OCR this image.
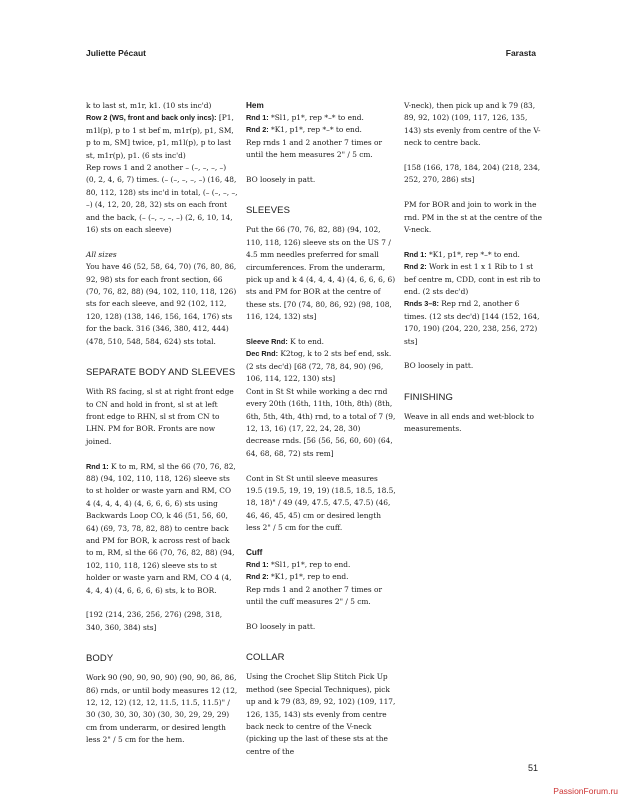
Juliette Pécaut	Farasta

k to last st, m1r, k1. (10 sts inc'd)

Row 2 (WS, front and back only incs): [P1, m1l(p), p to 1 st bef m, m1r(p), p1, SM, p to m, SM] twice, p1, m1l(p), p to last st, m1r(p), p1. (6 sts inc'd)

Rep rows 1 and 2 another – (–, –, –, –) (0, 2, 4, 6, 7) times. (– (–, –, –, –) (16, 48, 80, 112, 128) sts inc'd in total, (– (–, –, –, –) (4, 12, 20, 28, 32) sts on each front and the back, (– (–, –, –, –) (2, 6, 10, 14, 16) sts on each sleeve)

All sizes

You have 46 (52, 58, 64, 70) (76, 80, 86, 92, 98) sts for each front section, 66 (70, 76, 82, 88) (94, 102, 110, 118, 126) sts for each sleeve, and 92 (102, 112, 120, 128) (138, 146, 156, 164, 176) sts for the back. 316 (346, 380, 412, 444) (478, 510, 548, 584, 624) sts total.

SEPARATE BODY AND SLEEVES

With RS facing, sl st at right front edge to CN and hold in front, sl st at left front edge to RHN, sl st from CN to LHN. PM for BOR. Fronts are now joined.

Rnd 1: K to m, RM, sl the 66 (70, 76, 82, 88) (94, 102, 110, 118, 126) sleeve sts to st holder or waste yarn and RM, CO 4 (4, 4, 4, 4) (4, 6, 6, 6, 6) sts using Backwards Loop CO, k 46 (51, 56, 60, 64) (69, 73, 78, 82, 88) to centre back and PM for BOR, k across rest of back to m, RM, sl the 66 (70, 76, 82, 88) (94, 102, 110, 118, 126) sleeve sts to st holder or waste yarn and RM, CO 4 (4, 4, 4, 4) (4, 6, 6, 6, 6) sts, k to BOR.

[192 (214, 236, 256, 276) (298, 318, 340, 360, 384) sts]

BODY

Work 90 (90, 90, 90, 90) (90, 90, 86, 86, 86) rnds, or until body measures 12 (12, 12, 12, 12) (12, 12, 11.5, 11.5, 11.5)" / 30 (30, 30, 30, 30) (30, 30, 29, 29, 29) cm from underarm, or desired length less 2" / 5 cm for the hem.

Hem

Rnd 1: *Sl1, p1*, rep *–* to end.

Rnd 2: *K1, p1*, rep *–* to end.

Rep rnds 1 and 2 another 7 times or until the hem measures 2" / 5 cm.

BO loosely in patt.

SLEEVES

Put the 66 (70, 76, 82, 88) (94, 102, 110, 118, 126) sleeve sts on the US 7 / 4.5 mm needles preferred for small circumferences. From the underarm, pick up and k 4 (4, 4, 4, 4) (4, 6, 6, 6, 6) sts and PM for BOR at the centre of these sts. [70 (74, 80, 86, 92) (98, 108, 116, 124, 132) sts]

Sleeve Rnd: K to end.

Dec Rnd: K2tog, k to 2 sts bef end, ssk. (2 sts dec'd) [68 (72, 78, 84, 90) (96, 106, 114, 122, 130) sts]

Cont in St St while working a dec rnd every 20th (16th, 11th, 10th, 8th) (8th, 6th, 5th, 4th, 4th) rnd, to a total of 7 (9, 12, 13, 16) (17, 22, 24, 28, 30) decrease rnds. [56 (56, 56, 60, 60) (64, 64, 68, 68, 72) sts rem]

Cont in St St until sleeve measures 19.5 (19.5, 19, 19, 19) (18.5, 18.5, 18.5, 18, 18)" / 49 (49, 47.5, 47.5, 47.5) (46, 46, 46, 45, 45) cm or desired length less 2" / 5 cm for the cuff.

Cuff

Rnd 1: *Sl1, p1*, rep to end.

Rnd 2: *K1, p1*, rep to end.

Rep rnds 1 and 2 another 7 times or until the cuff measures 2" / 5 cm.

BO loosely in patt.

COLLAR

Using the Crochet Slip Stitch Pick Up method (see Special Techniques), pick up and k 79 (83, 89, 92, 102) (109, 117, 126, 135, 143) sts evenly from centre back neck to centre of the V-neck (picking up the last of these sts at the centre of the

V-neck), then pick up and k 79 (83, 89, 92, 102) (109, 117, 126, 135, 143) sts evenly from centre of the V-neck to centre back.

[158 (166, 178, 184, 204) (218, 234, 252, 270, 286) sts]

PM for BOR and join to work in the rnd. PM in the st at the centre of the V-neck.

Rnd 1: *K1, p1*, rep *–* to end.

Rnd 2: Work in est 1 x 1 Rib to 1 st bef centre m, CDD, cont in est rib to end. (2 sts dec'd)

Rnds 3–8: Rep rnd 2, another 6 times. (12 sts dec'd) [144 (152, 164, 170, 190) (204, 220, 238, 256, 272) sts]

BO loosely in patt.

FINISHING

Weave in all ends and wet-block to measurements.

51
PassionForum.ru
